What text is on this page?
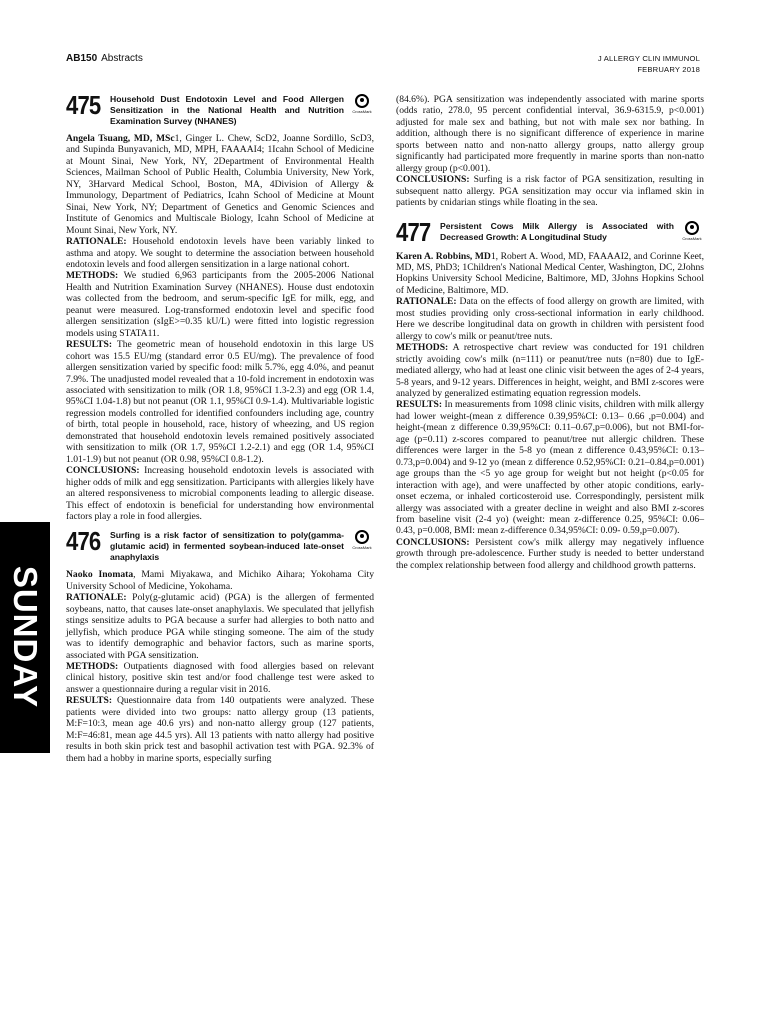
AB150 Abstracts	J ALLERGY CLIN IMMUNOL
FEBRUARY 2018
SUNDAY
475	Household Dust Endotoxin Level and Food Allergen Sensitization in the National Health and Nutrition Examination Survey (NHANES)
CrossMark

Angela Tsuang, MD, MSc1, Ginger L. Chew, ScD2, Joanne Sordillo, ScD3, and Supinda Bunyavanich, MD, MPH, FAAAAI4; 1Icahn School of Medicine at Mount Sinai, New York, NY, 2Department of Environmental Health Sciences, Mailman School of Public Health, Columbia University, New York, NY, 3Harvard Medical School, Boston, MA, 4Division of Allergy & Immunology, Department of Pediatrics, Icahn School of Medicine at Mount Sinai, New York, NY; Department of Genetics and Genomic Sciences and Institute of Genomics and Multiscale Biology, Icahn School of Medicine at Mount Sinai, New York, NY.

RATIONALE: Household endotoxin levels have been variably linked to asthma and atopy. We sought to determine the association between household endotoxin levels and food allergen sensitization in a large national cohort.

METHODS: We studied 6,963 participants from the 2005-2006 National Health and Nutrition Examination Survey (NHANES). House dust endotoxin was collected from the bedroom, and serum-specific IgE for milk, egg, and peanut were measured. Log-transformed endotoxin level and specific food allergen sensitization (sIgE>=0.35 kU/L) were fitted into logistic regression models using STATA11.

RESULTS: The geometric mean of household endotoxin in this large US cohort was 15.5 EU/mg (standard error 0.5 EU/mg). The prevalence of food allergen sensitization varied by specific food: milk 5.7%, egg 4.0%, and peanut 7.9%. The unadjusted model revealed that a 10-fold increment in endotoxin was associated with sensitization to milk (OR 1.8, 95%CI 1.3-2.3) and egg (OR 1.4, 95%CI 1.04-1.8) but not peanut (OR 1.1, 95%CI 0.9-1.4). Multivariable logistic regression models controlled for identified confounders including age, country of birth, total people in household, race, history of wheezing, and US region demonstrated that household endotoxin levels remained positively associated with sensitization to milk (OR 1.7, 95%CI 1.2-2.1) and egg (OR 1.4, 95%CI 1.01-1.9) but not peanut (OR 0.98, 95%CI 0.8-1.2).

CONCLUSIONS: Increasing household endotoxin levels is associated with higher odds of milk and egg sensitization. Participants with allergies likely have an altered responsiveness to microbial components leading to allergic disease. This effect of endotoxin is beneficial for understanding how environmental factors play a role in food allergies.

476	Surfing is a risk factor of sensitization to poly(gamma-glutamic acid) in fermented soybean-induced late-onset anaphylaxis
CrossMark

Naoko Inomata, Mami Miyakawa, and Michiko Aihara; Yokohama City University School of Medicine, Yokohama.

RATIONALE: Poly(g-glutamic acid) (PGA) is the allergen of fermented soybeans, natto, that causes late-onset anaphylaxis. We speculated that jellyfish stings sensitize adults to PGA because a surfer had allergies to both natto and jellyfish, which produce PGA while stinging someone. The aim of the study was to identify demographic and behavior factors, such as marine sports, associated with PGA sensitization.

METHODS: Outpatients diagnosed with food allergies based on relevant clinical history, positive skin test and/or food challenge test were asked to answer a questionnaire during a regular visit in 2016.

RESULTS: Questionnaire data from 140 outpatients were analyzed. These patients were divided into two groups: natto allergy group (13 patients, M:F=10:3, mean age 40.6 yrs) and non-natto allergy group (127 patients, M:F=46:81, mean age 44.5 yrs). All 13 patients with natto allergy had positive results in both skin prick test and basophil activation test with PGA. 92.3% of them had a hobby in marine sports, especially surfing

(84.6%). PGA sensitization was independently associated with marine sports (odds ratio, 278.0, 95 percent confidential interval, 36.9-6315.9, p<0.001) adjusted for male sex and bathing, but not with male sex nor bathing. In addition, although there is no significant difference of experience in marine sports between natto and non-natto allergy groups, natto allergy group significantly had participated more frequently in marine sports than non-natto allergy group (p<0.001).

CONCLUSIONS: Surfing is a risk factor of PGA sensitization, resulting in subsequent natto allergy. PGA sensitization may occur via inflamed skin in patients by cnidarian stings while floating in the sea.

477	Persistent Cows Milk Allergy is Associated with Decreased Growth: A Longitudinal Study	CrossMark

Karen A. Robbins, MD1, Robert A. Wood, MD, FAAAAI2, and Corinne Keet, MD, MS, PhD3; 1Children's National Medical Center, Washington, DC, 2Johns Hopkins University School Medicine, Baltimore, MD, 3Johns Hopkins School of Medicine, Baltimore, MD.

RATIONALE: Data on the effects of food allergy on growth are limited, with most studies providing only cross-sectional information in early childhood. Here we describe longitudinal data on growth in children with persistent food allergy to cow's milk or peanut/tree nuts.

METHODS: A retrospective chart review was conducted for 191 children strictly avoiding cow's milk (n=111) or peanut/tree nuts (n=80) due to IgE-mediated allergy, who had at least one clinic visit between the ages of 2-4 years, 5-8 years, and 9-12 years. Differences in height, weight, and BMI z-scores were analyzed by generalized estimating equation regression models.

RESULTS: In measurements from 1098 clinic visits, children with milk allergy had lower weight-(mean z difference 0.39,95%CI: 0.13– 0.66 ,p=0.004) and height-(mean z difference 0.39,95%CI: 0.11–0.67,p=0.006), but not BMI-for-age (p=0.11) z-scores compared to peanut/tree nut allergic children. These differences were larger in the 5-8 yo (mean z difference 0.43,95%CI: 0.13–0.73,p=0.004) and 9-12 yo (mean z difference 0.52,95%CI: 0.21–0.84,p=0.001) age groups than the <5 yo age group for weight but not height (p<0.05 for interaction with age), and were unaffected by other atopic conditions, early-onset eczema, or inhaled corticosteroid use. Correspondingly, persistent milk allergy was associated with a greater decline in weight and also BMI z-scores from baseline visit (2-4 yo) (weight: mean z-difference 0.25, 95%CI: 0.06– 0.43, p=0.008, BMI: mean z-difference 0.34,95%CI: 0.09- 0.59,p=0.007).

CONCLUSIONS: Persistent cow's milk allergy may negatively influence growth through pre-adolescence. Further study is needed to better understand the complex relationship between food allergy and childhood growth patterns.
